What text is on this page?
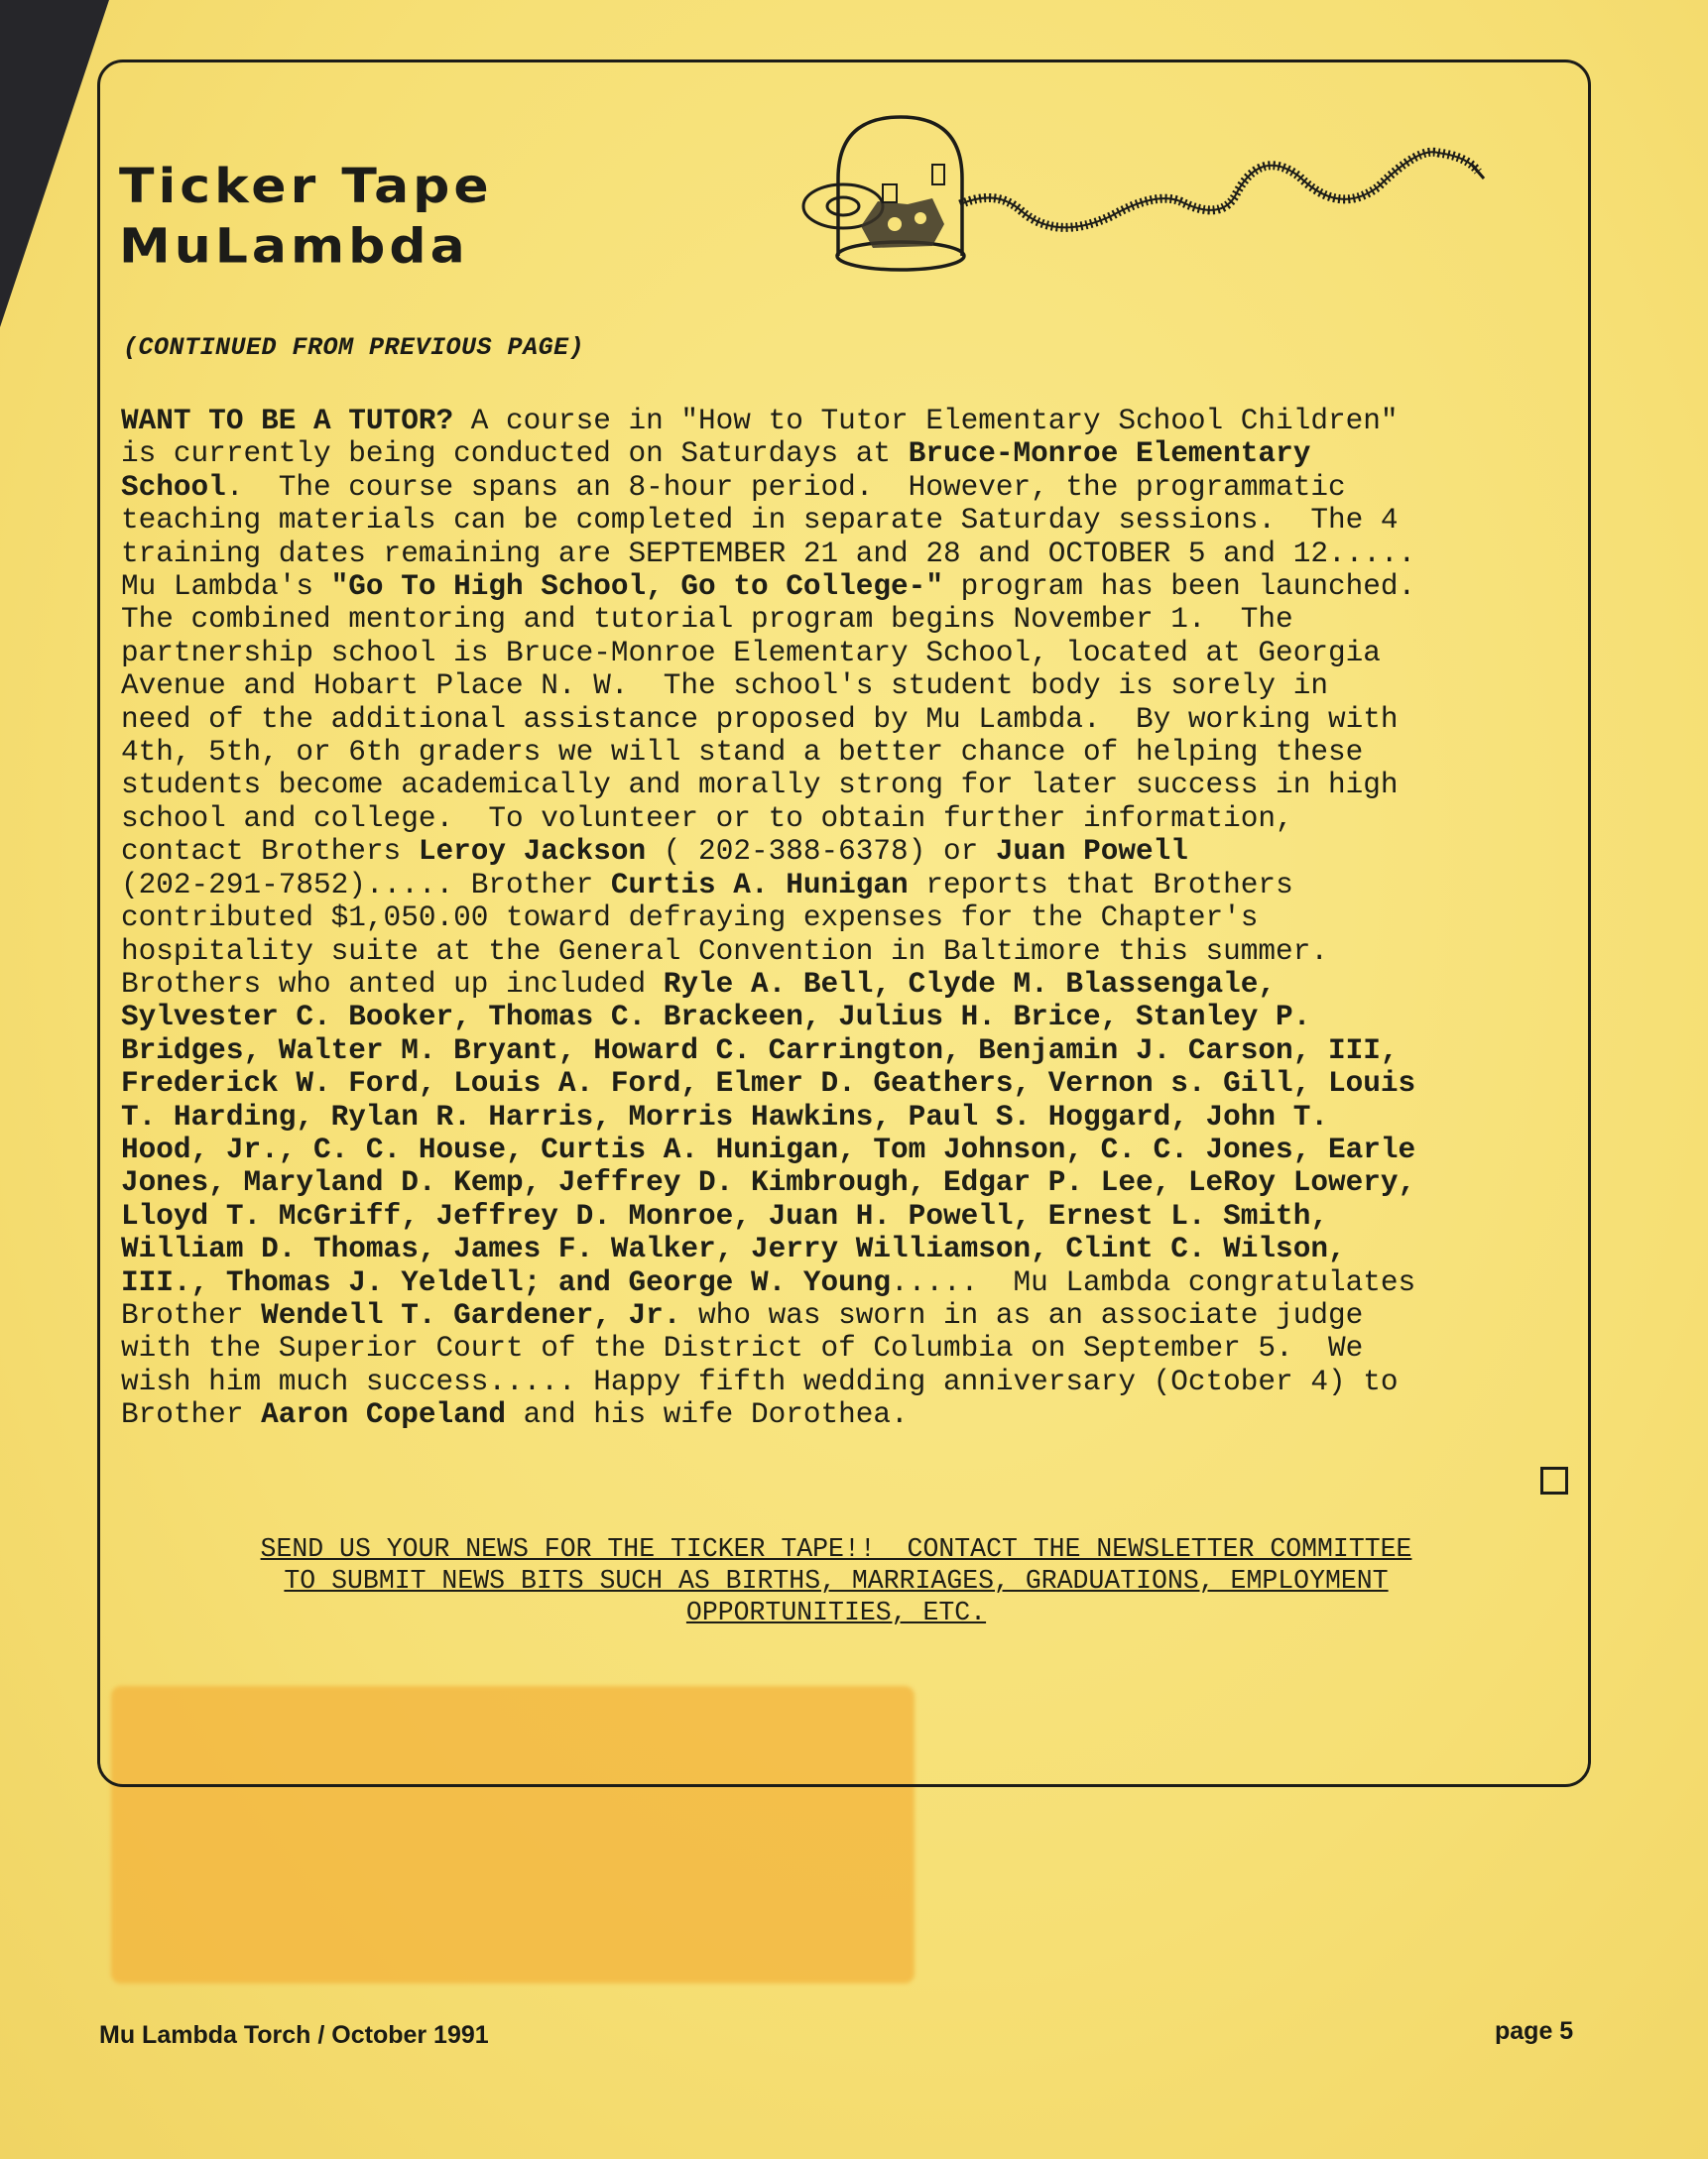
Ticker Tape
MuLambda
(CONTINUED FROM PREVIOUS PAGE)
WANT TO BE A TUTOR? A course in "How to Tutor Elementary School Children"
is currently being conducted on Saturdays at Bruce-Monroe Elementary
School.  The course spans an 8-hour period.  However, the programmatic
teaching materials can be completed in separate Saturday sessions.  The 4
training dates remaining are SEPTEMBER 21 and 28 and OCTOBER 5 and 12.....
Mu Lambda's "Go To High School, Go to College-" program has been launched.
The combined mentoring and tutorial program begins November 1.  The
partnership school is Bruce-Monroe Elementary School, located at Georgia
Avenue and Hobart Place N. W.  The school's student body is sorely in
need of the additional assistance proposed by Mu Lambda.  By working with
4th, 5th, or 6th graders we will stand a better chance of helping these
students become academically and morally strong for later success in high
school and college.  To volunteer or to obtain further information,
contact Brothers Leroy Jackson ( 202-388-6378) or Juan Powell
(202-291-7852)..... Brother Curtis A. Hunigan reports that Brothers
contributed $1,050.00 toward defraying expenses for the Chapter's
hospitality suite at the General Convention in Baltimore this summer.
Brothers who anted up included Ryle A. Bell, Clyde M. Blassengale,
Sylvester C. Booker, Thomas C. Brackeen, Julius H. Brice, Stanley P.
Bridges, Walter M. Bryant, Howard C. Carrington, Benjamin J. Carson, III,
Frederick W. Ford, Louis A. Ford, Elmer D. Geathers, Vernon s. Gill, Louis
T. Harding, Rylan R. Harris, Morris Hawkins, Paul S. Hoggard, John T.
Hood, Jr., C. C. House, Curtis A. Hunigan, Tom Johnson, C. C. Jones, Earle
Jones, Maryland D. Kemp, Jeffrey D. Kimbrough, Edgar P. Lee, LeRoy Lowery,
Lloyd T. McGriff, Jeffrey D. Monroe, Juan H. Powell, Ernest L. Smith,
William D. Thomas, James F. Walker, Jerry Williamson, Clint C. Wilson,
III., Thomas J. Yeldell; and George W. Young.....  Mu Lambda congratulates
Brother Wendell T. Gardener, Jr. who was sworn in as an associate judge
with the Superior Court of the District of Columbia on September 5.  We
wish him much success..... Happy fifth wedding anniversary (October 4) to
Brother Aaron Copeland and his wife Dorothea.
SEND US YOUR NEWS FOR THE TICKER TAPE!!  CONTACT THE NEWSLETTER COMMITTEE
TO SUBMIT NEWS BITS SUCH AS BIRTHS, MARRIAGES, GRADUATIONS, EMPLOYMENT
OPPORTUNITIES, ETC.
Mu Lambda Torch / October 1991	page 5
